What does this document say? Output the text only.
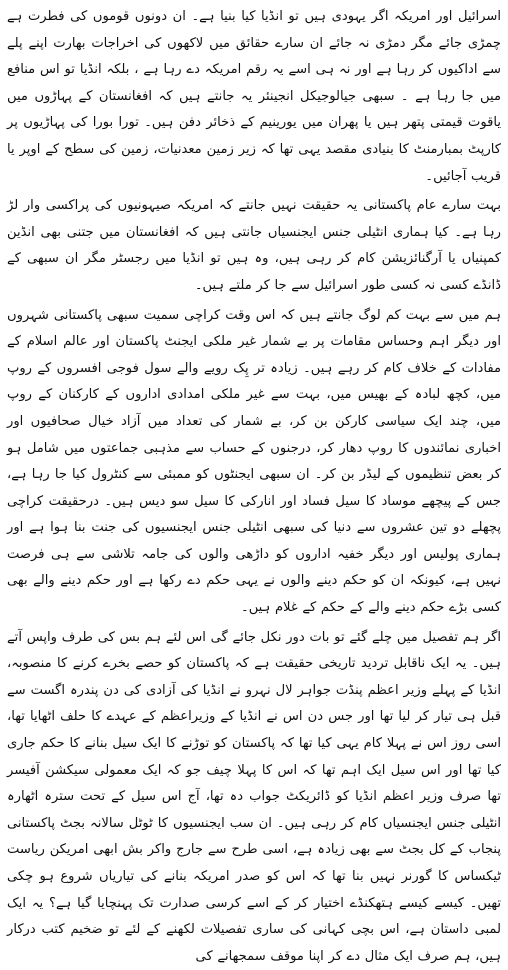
اسرائیل اور امریکہ اگر یہودی ہیں تو انڈیا کیا بنیا ہے۔ ان دونوں قوموں کی فطرت ہے چمڑی جائے مگر دمڑی نہ جائے ان سارے حقائق میں لاکھوں کی اخراجات بھارت اپنے پلے سے اداکیوں کر رہا ہے اور نہ ہی اسے یہ رقم امریکہ دے رہا ہے ، بلکہ انڈیا تو اس منافع میں جا رہا ہے ۔ سبھی جیالوجیکل انجینئر یہ جانتے ہیں کہ افغانستان کے پہاڑوں میں یاقوت قیمتی پتھر ہیں یا پھران میں یورینیم کے ذخائر دفن ہیں۔ تورا بورا کی پہاڑیوں پر کارپٹ بمبارمنٹ کا بنیادی مقصد یہی تھا کہ زیر زمین معدنیات، زمین کی سطح کے اوپر یا قریب آجائیں۔

بہت سارے عام پاکستانی یہ حقیقت نہیں جانتے کہ امریکہ صیہونیوں کی پراکسی وار لڑ رہا ہے۔ کیا ہماری انٹیلی جنس ایجنسیاں جانتی ہیں کہ افغانستان میں جتنی بھی انڈین کمپنیاں یا آرگنائزیشن کام کر رہی ہیں، وہ ہیں تو انڈیا میں رجسٹر مگر ان سبھی کے ڈانڈے کسی نہ کسی طور اسرائیل سے جا کر ملتے ہیں۔

ہم میں سے بہت کم لوگ جانتے ہیں کہ اس وقت کراچی سمیت سبھی پاکستانی شہروں اور دیگر اہم وحساس مقامات پر بے شمار غیر ملکی ایجنٹ پاکستان اور عالم اسلام کے مفادات کے خلاف کام کر رہے ہیں۔ زیادہ تر پِک رویے والے سول فوجی افسروں کے روپ میں، کچھ لبادہ کے بھیس میں، بہت سے غیر ملکی امدادی اداروں کے کارکنان کے روپ میں، چند ایک سیاسی کارکن بن کر، بے شمار کی تعداد میں آزاد خیال صحافیوں اور اخباری نمائندوں کا روپ دھار کر، درجنوں کے حساب سے مذہبی جماعتوں میں شامل ہو کر بعض تنظیموں کے لیڈر بن کر۔ ان سبھی ایجنٹوں کو ممبئی سے کنٹرول کیا جا رہا ہے، جس کے پیچھے موساد کا سیل فساد اور انارکی کا سیل سو دیس ہیں۔ درحقیقت کراچی پچھلے دو تین عشروں سے دنیا کی سبھی انٹیلی جنس ایجنسیوں کی جنت بنا ہوا ہے اور ہماری پولیس اور دیگر خفیہ اداروں کو داڑھی والوں کی جامہ تلاشی سے ہی فرصت نہیں ہے، کیونکہ ان کو حکم دینے والوں نے یہی حکم دے رکھا ہے اور حکم دینے والے بھی کسی بڑے حکم دینے والے کے حکم کے غلام ہیں۔

اگر ہم تفصیل میں چلے گئے تو بات دور نکل جائے گی اس لئے ہم بس کی طرف واپس آتے ہیں۔ یہ ایک ناقابل تردید تاریخی حقیقت ہے کہ پاکستان کو حصے بخرے کرنے کا منصوبہ، انڈیا کے پہلے وزیر اعظم پنڈت جواہر لال نہرو نے انڈیا کی آزادی کی دن پندرہ اگست سے قبل ہی تیار کر لیا تھا اور جس دن اس نے انڈیا کے وزیراعظم کے عہدے کا حلف اٹھایا تھا، اسی روز اس نے پہلا کام یہی کیا تھا کہ پاکستان کو توڑنے کا ایک سیل بنانے کا حکم جاری کیا تھا اور اس سیل ایک اہم تھا کہ اس کا پہلا چیف جو کہ ایک معمولی سیکشن آفیسر تھا صرف وزیر اعظم انڈیا کو ڈائریکٹ جواب دہ تھا، آج اس سیل کے تحت سترہ اٹھارہ انٹیلی جنس ایجنسیاں کام کر رہی ہیں۔ ان سب ایجنسیوں کا ٹوٹل سالانہ بجٹ پاکستانی پنجاب کے کل بجٹ سے بھی زیادہ ہے، اسی طرح سے جارج واکر بش ابھی امریکن ریاست ٹیکساس کا گورنر نہیں بنا تھا کہ اس کو صدر امریکہ بنانے کی تیاریاں شروع ہو چکی تھیں۔ کیسے کیسے ہتھکنڈے اختیار کر کے اسے کرسی صدارت تک پہنچایا گیا ہے؟ یہ ایک لمبی داستان ہے، اس بچی کہانی کی ساری تفصیلات لکھنے کے لئے تو ضخیم کتب درکار ہیں، ہم صرف ایک مثال دے کر اپنا موقف سمجھانے کی
